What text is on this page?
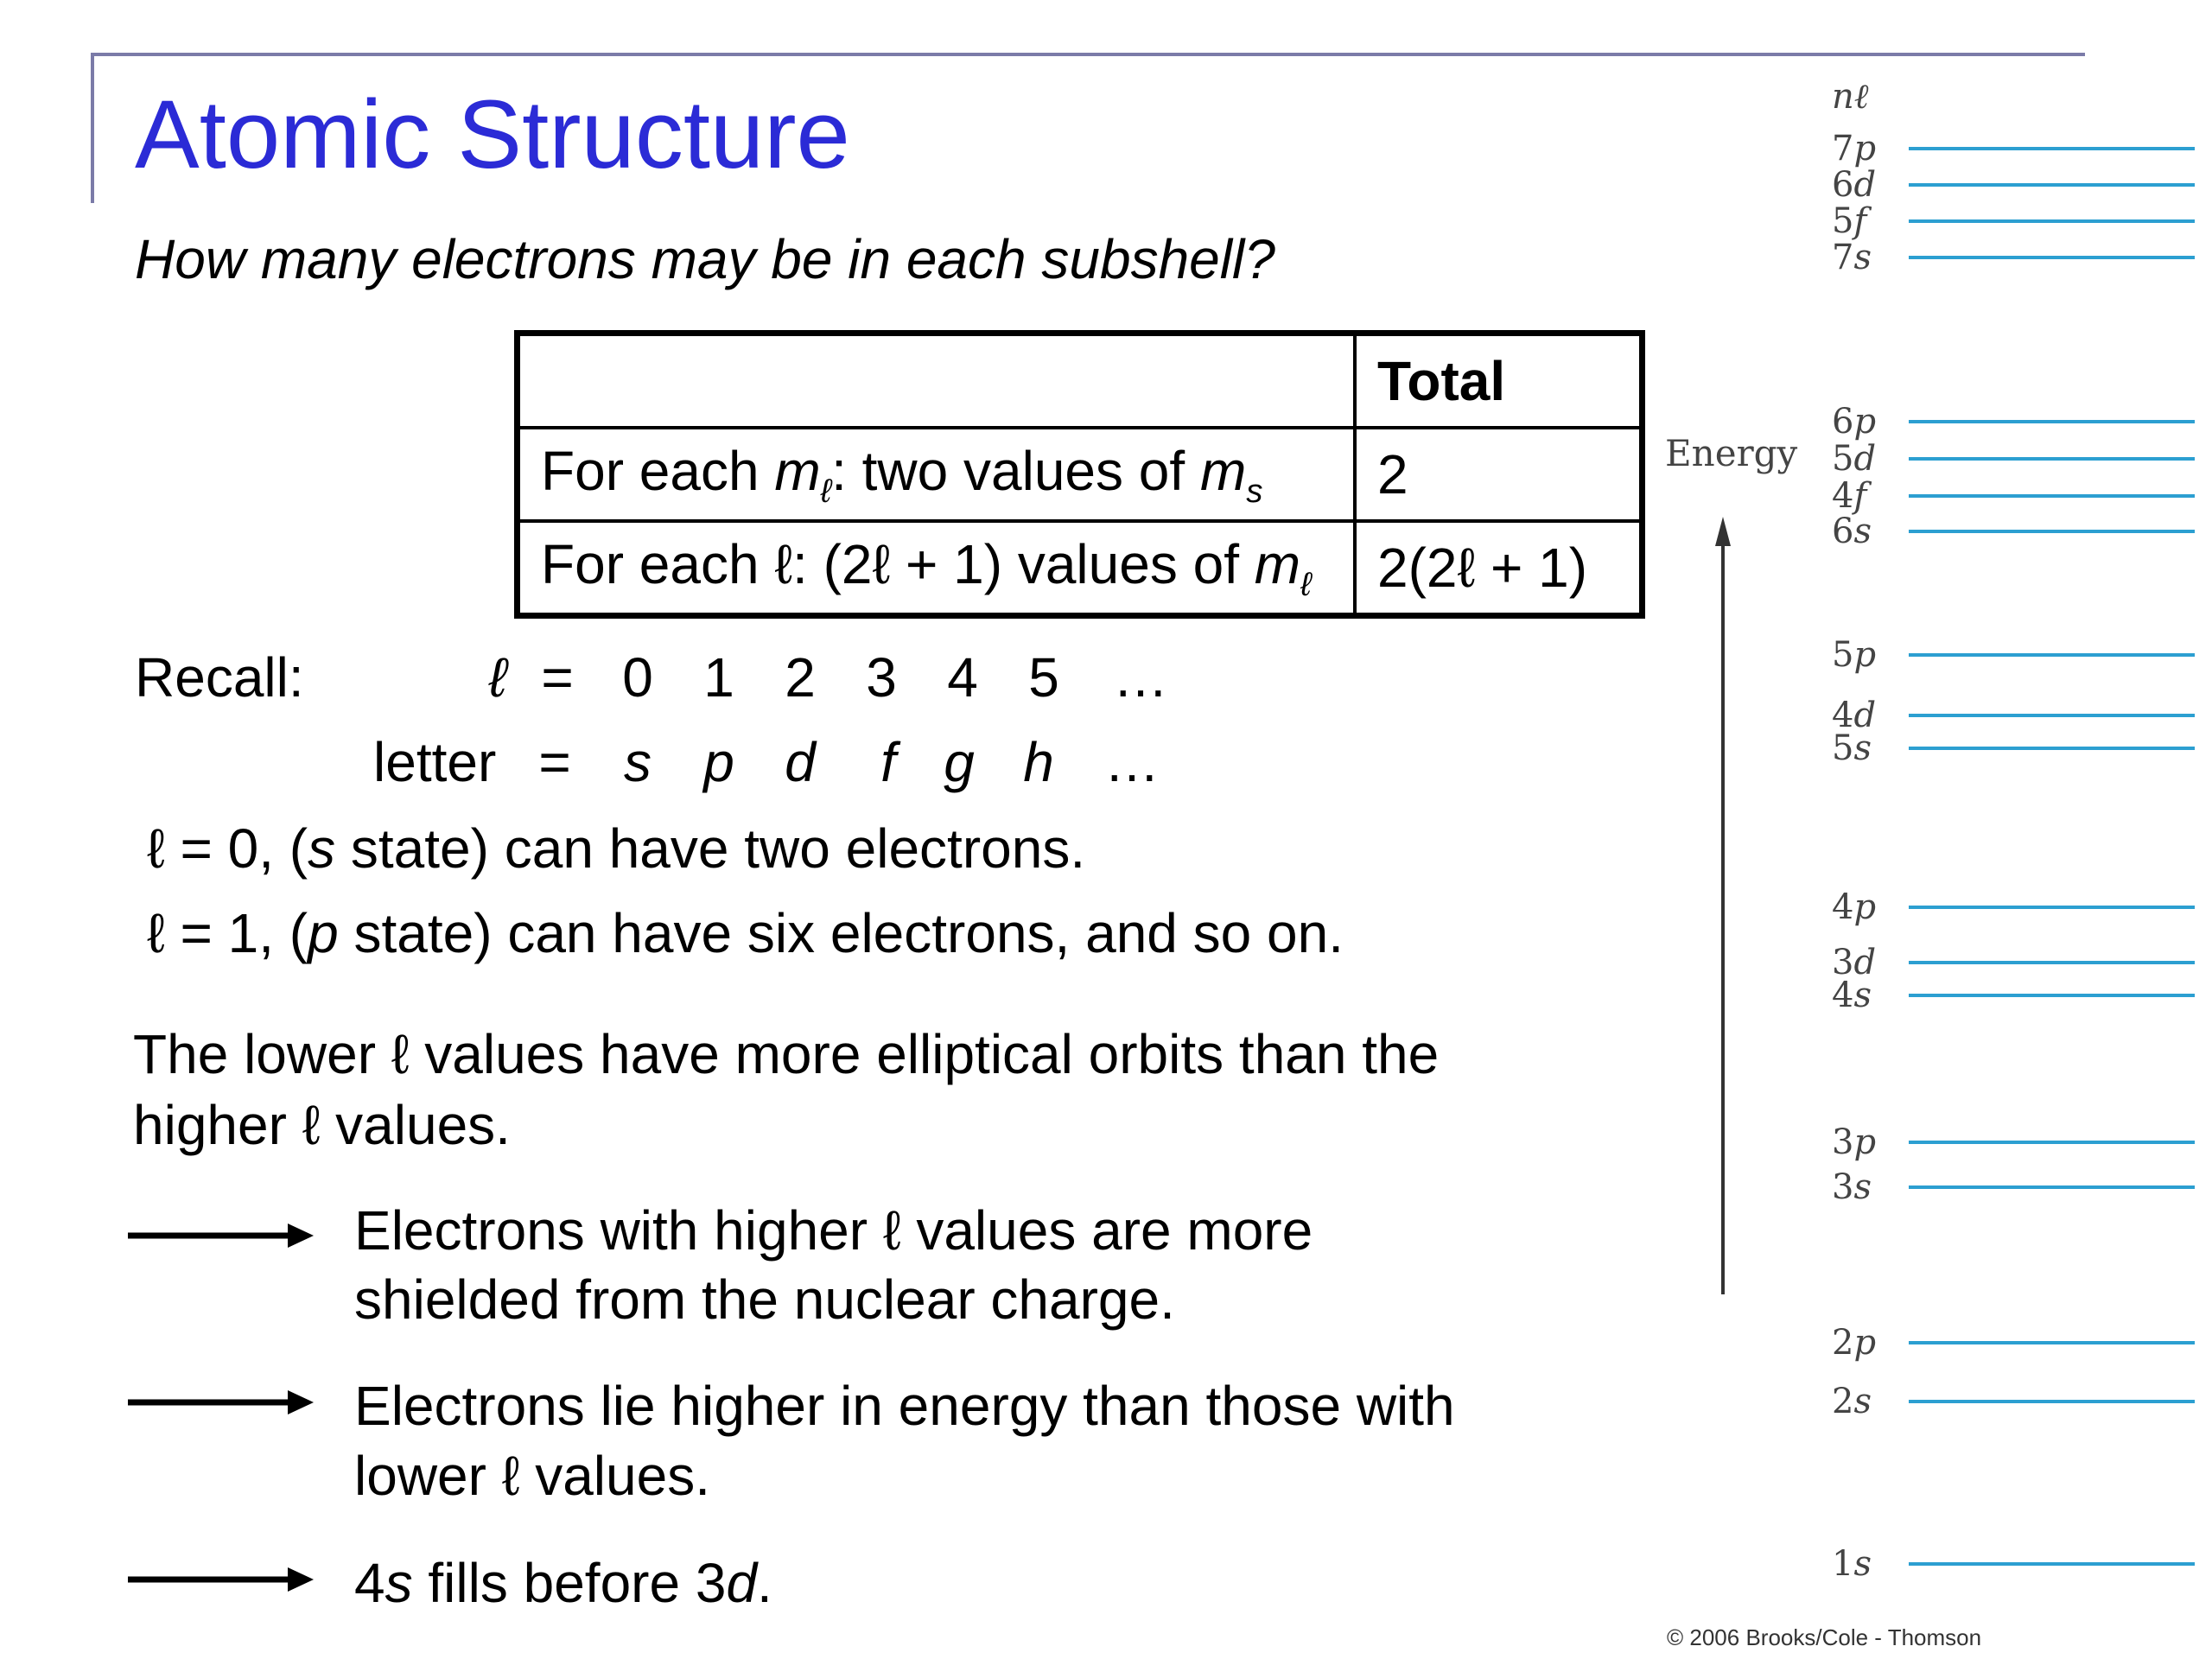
Atomic Structure
How many electrons may be in each subshell?
	Total
For each $m_\ell$: two values of $m_s$	2
For each ℓ: (2ℓ + 1) values of $m_\ell$	2(2ℓ + 1)
Recall:	ℓ = 0 1 2 3 4 5 …
letter = s p d	f g h …
ℓ = 0, (s state) can have two electrons.
ℓ = 1, (p state) can have six electrons, and so on.
The lower ℓ values have more elliptical orbits than the
higher ℓ values.
Electrons with higher ℓ values are more
shielded from the nuclear charge.
Electrons lie higher in energy than those with
lower ℓ values.
4s fills before 3d.
nℓ
Energy
7p
6d
5f
7s
6p
5d
4f
6s
5p
4d
5s
4p
3d
4s
3p
3s
2p
2s
1s
© 2006 Brooks/Cole - Thomson
